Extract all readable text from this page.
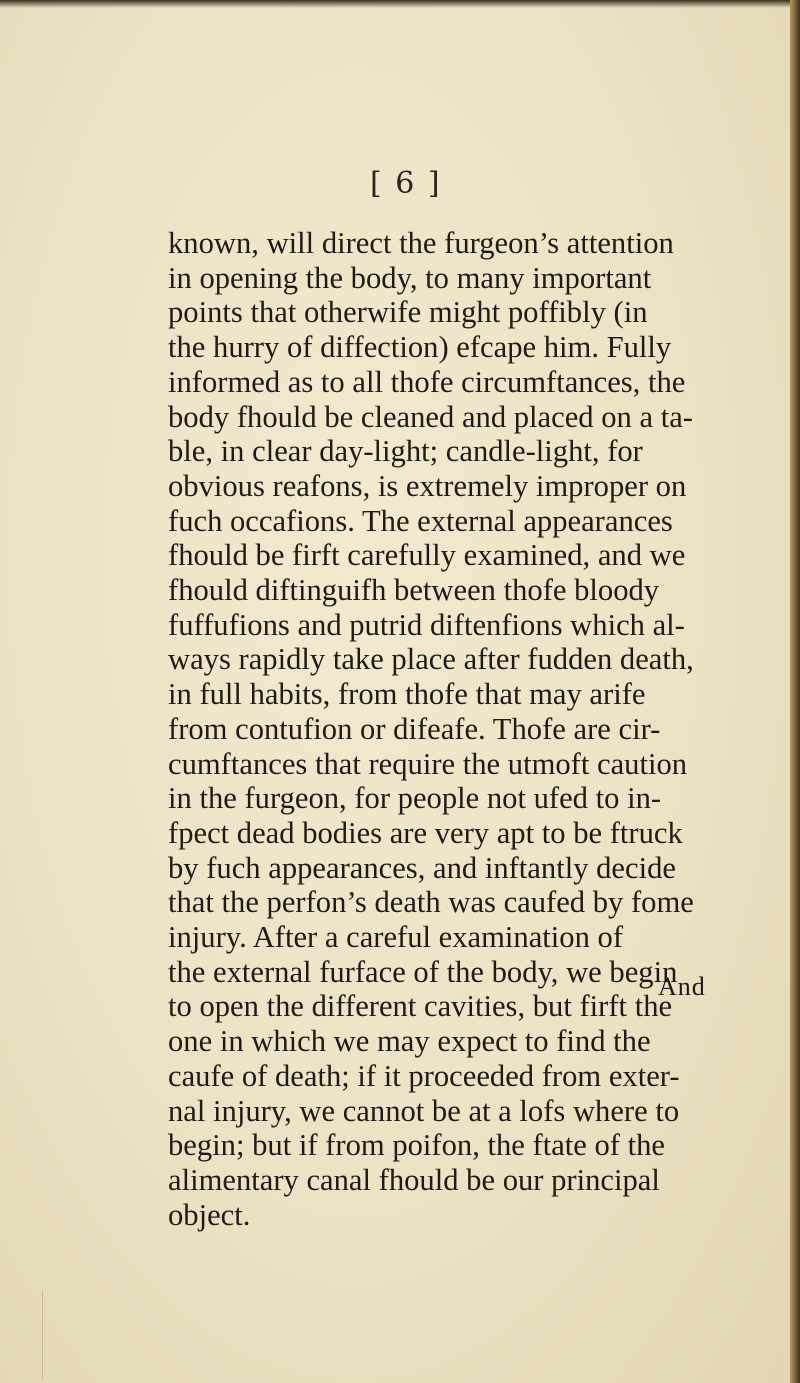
[ 6 ]
known, will direct the furgeon’s attention
in opening the body, to many important
points that otherwife might poffibly (in
the hurry of diffection) efcape him. Fully
informed as to all thofe circumftances, the
body fhould be cleaned and placed on a ta-
ble, in clear day-light; candle-light, for
obvious reafons, is extremely improper on
fuch occafions. The external appearances
fhould be firft carefully examined, and we
fhould diftinguifh between thofe bloody
fuffufions and putrid diftenfions which al-
ways rapidly take place after fudden death,
in full habits, from thofe that may arife
from contufion or difeafe. Thofe are cir-
cumftances that require the utmoft caution
in the furgeon, for people not ufed to in-
fpect dead bodies are very apt to be ftruck
by fuch appearances, and inftantly decide
that the perfon’s death was caufed by fome
injury. After a careful examination of
the external furface of the body, we begin
to open the different cavities, but firft the
one in which we may expect to find the
caufe of death; if it proceeded from exter-
nal injury, we cannot be at a lofs where to
begin; but if from poifon, the ftate of the
alimentary canal fhould be our principal
object.
And
